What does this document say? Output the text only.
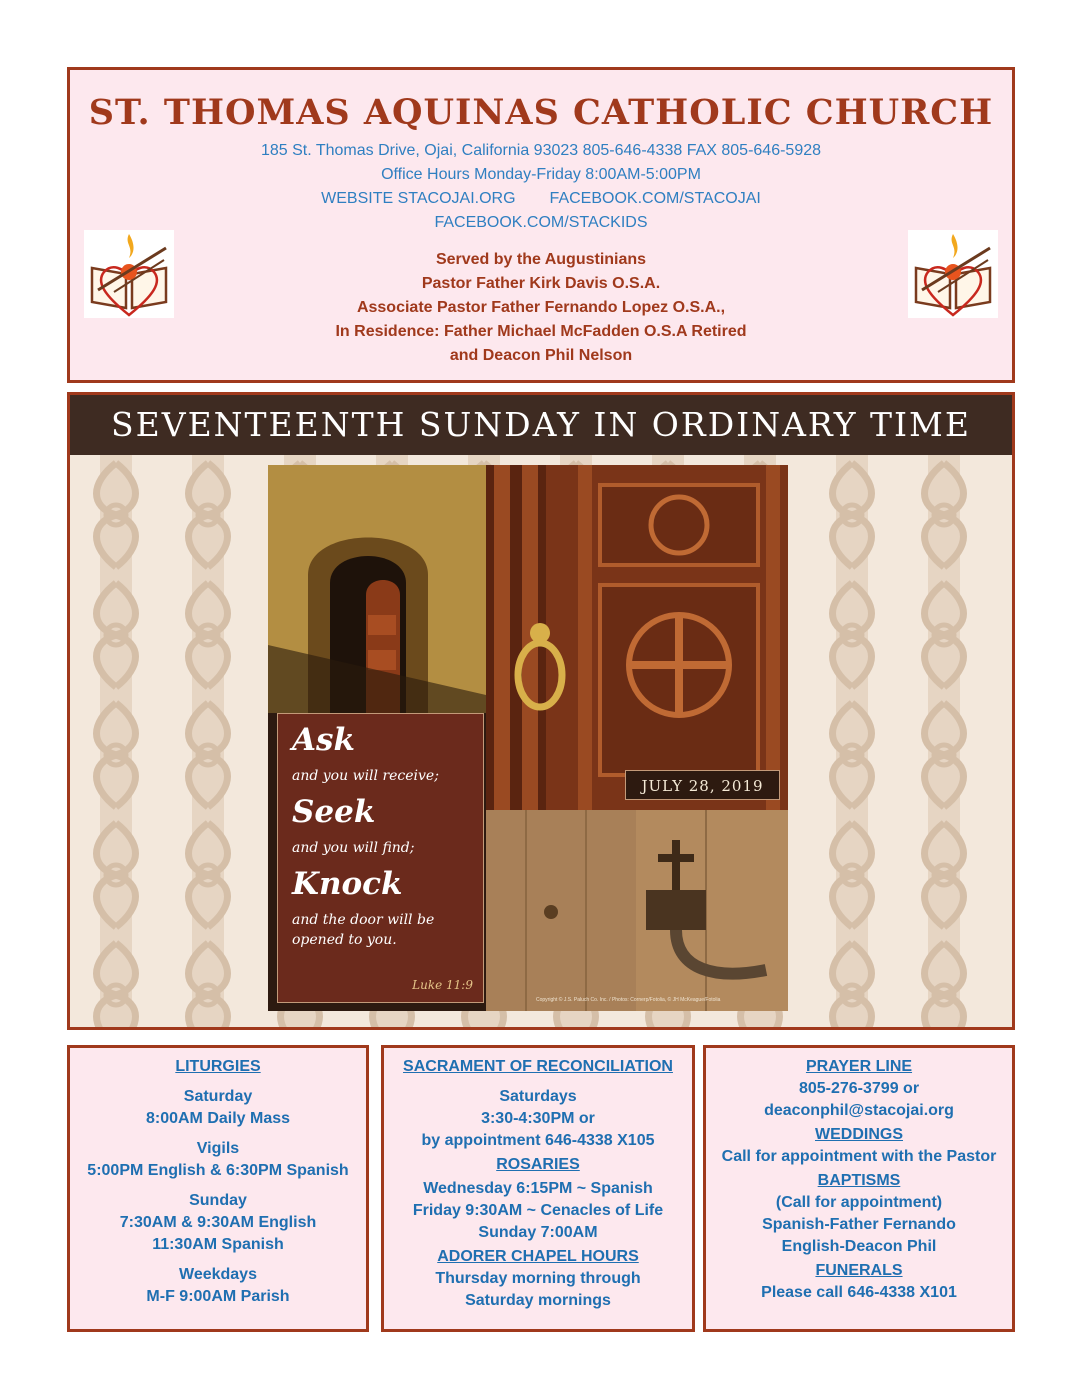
ST. THOMAS AQUINAS CATHOLIC CHURCH
185 St. Thomas Drive, Ojai, California 93023 805-646-4338 FAX 805-646-5928
Office Hours Monday-Friday 8:00AM-5:00PM
WEBSITE STACOJAI.ORG FACEBOOK.COM/STACOJAI
FACEBOOK.COM/STACKIDS
Served by the Augustinians
Pastor Father Kirk Davis O.S.A.
Associate Pastor Father Fernando Lopez O.S.A.,
In Residence: Father Michael McFadden O.S.A Retired
and Deacon Phil Nelson
SEVENTEENTH SUNDAY IN ORDINARY TIME
Ask
and you will receive;
Seek
and you will find;
Knock
and the door will be
opened to you.
Luke 11:9
JULY 28, 2019
Copyright © J.S. Paluch Co. Inc. / Photos: Cornerp/Fotolia, © JH McKeague/Fotolia
LITURGIES
Saturday
8:00AM Daily Mass
Vigils
5:00PM English & 6:30PM Spanish
Sunday
7:30AM & 9:30AM English
11:30AM Spanish
Weekdays
M-F 9:00AM Parish
SACRAMENT OF RECONCILIATION
Saturdays
3:30-4:30PM or
by appointment 646-4338 X105
ROSARIES
Wednesday 6:15PM ~ Spanish
Friday 9:30AM ~ Cenacles of Life
Sunday 7:00AM
ADORER CHAPEL HOURS
Thursday morning through
Saturday mornings
PRAYER LINE
805-276-3799 or
deaconphil@stacojai.org
WEDDINGS
Call for appointment with the Pastor
BAPTISMS
(Call for appointment)
Spanish-Father Fernando
English-Deacon Phil
FUNERALS
Please call 646-4338 X101
